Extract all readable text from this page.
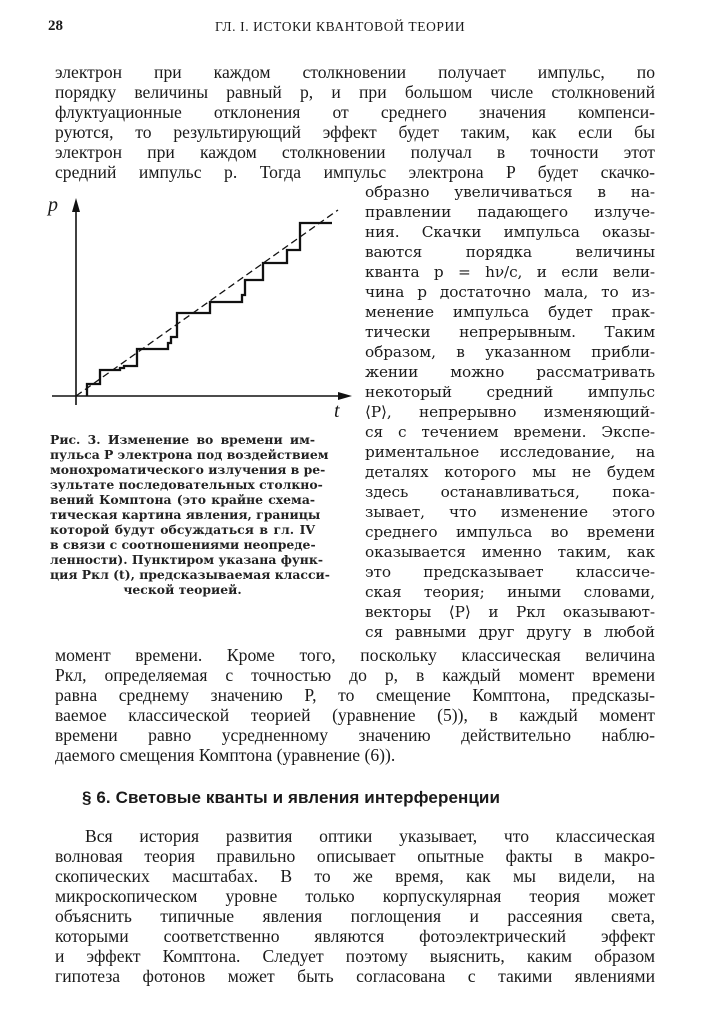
28	ГЛ. I. ИСТОКИ КВАНТОВОЙ ТЕОРИИ
электрон при каждом столкновении получает импульс, по
порядку величины равный p, и при большом числе столкновений
флуктуационные отклонения от среднего значения компенси-
руются, то результирующий эффект будет таким, как если бы
электрон при каждом столкновении получал в точности этот
средний импульс p. Тогда импульс электрона P будет скачко-
p
t
Рис. 3. Изменение во времени им-
пульса P электрона под воздействием
монохроматического излучения в ре-
зультате последовательных столкно-
вений Комптона (это крайне схема-
тическая картина явления, границы
которой будут обсуждаться в гл. IV
в связи с соотношениями неопреде-
ленности). Пунктиром указана функ-
ция Pкл (t), предсказываемая класси-
ческой теорией.
образно увеличиваться в на-
правлении падающего излуче-
ния. Скачки импульса оказы-
ваются порядка величины
кванта p = hν/c, и если вели-
чина p достаточно мала, то из-
менение импульса будет прак-
тически непрерывным. Таким
образом, в указанном прибли-
жении можно рассматривать
некоторый средний импульс
⟨P⟩, непрерывно изменяющий-
ся с течением времени. Экспе-
риментальное исследование, на
деталях которого мы не будем
здесь останавливаться, пока-
зывает, что изменение этого
среднего импульса во времени
оказывается именно таким, как
это предсказывает классиче-
ская теория; иными словами,
векторы ⟨P⟩ и Pкл оказывают-
ся равными друг другу в любой
момент времени. Кроме того, поскольку классическая величина
Pкл, определяемая с точностью до p, в каждый момент времени
равна среднему значению P, то смещение Комптона, предсказы-
ваемое классической теорией (уравнение (5)), в каждый момент
времени равно усредненному значению действительно наблю-
даемого смещения Комптона (уравнение (6)).
§ 6. Световые кванты и явления интерференции
Вся история развития оптики указывает, что классическая
волновая теория правильно описывает опытные факты в макро-
скопических масштабах. В то же время, как мы видели, на
микроскопическом уровне только корпускулярная теория может
объяснить типичные явления поглощения и рассеяния света,
которыми соответственно являются фотоэлектрический эффект
и эффект Комптона. Следует поэтому выяснить, каким образом
гипотеза фотонов может быть согласована с такими явлениями
